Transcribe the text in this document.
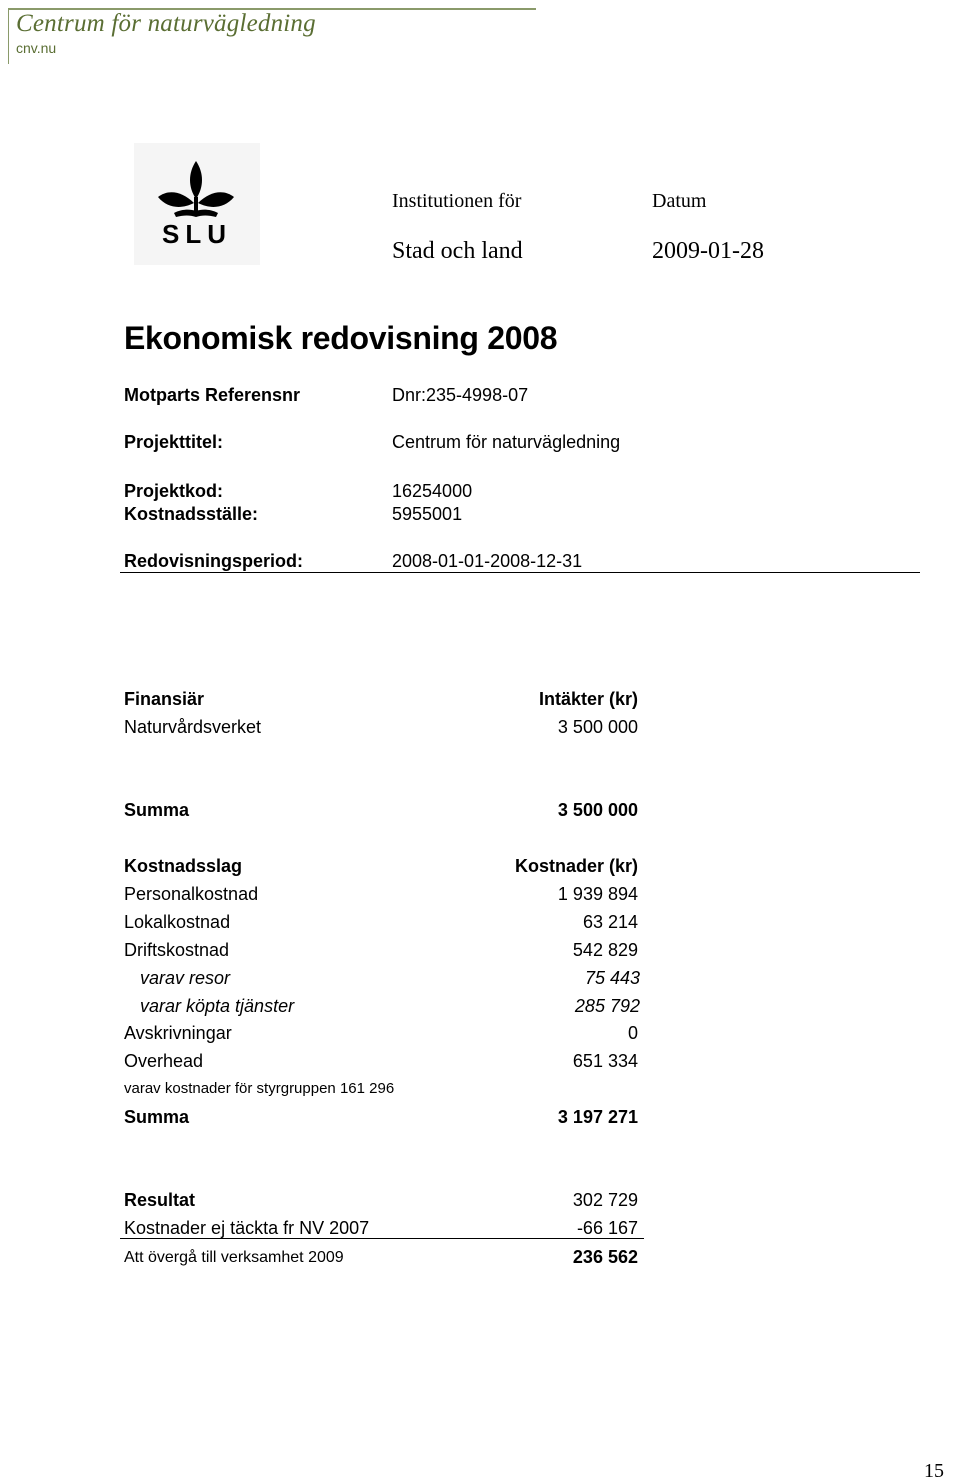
Centrum för naturvägledning
cnv.nu
SLU
Institutionen för	Datum
Stad och land	2009-01-28
Ekonomisk redovisning 2008
Motparts Referensnr	Dnr:235-4998-07
Projekttitel:	Centrum för naturvägledning
Projektkod:	16254000
Kostnadsställe:	5955001
Redovisningsperiod:	2008-01-01-2008-12-31
Finansiär	Intäkter (kr)
Naturvårdsverket	3 500 000
Summa	3 500 000
Kostnadsslag	Kostnader (kr)
Personalkostnad	1 939 894
Lokalkostnad	63 214
Driftskostnad	542 829
varav resor	75 443
varar köpta tjänster	285 792
Avskrivningar	0
Overhead	651 334
varav kostnader för styrgruppen 161 296
Summa	3 197 271
Resultat	302 729
Kostnader ej täckta fr NV 2007	-66 167
Att övergå till verksamhet 2009	236 562
15
